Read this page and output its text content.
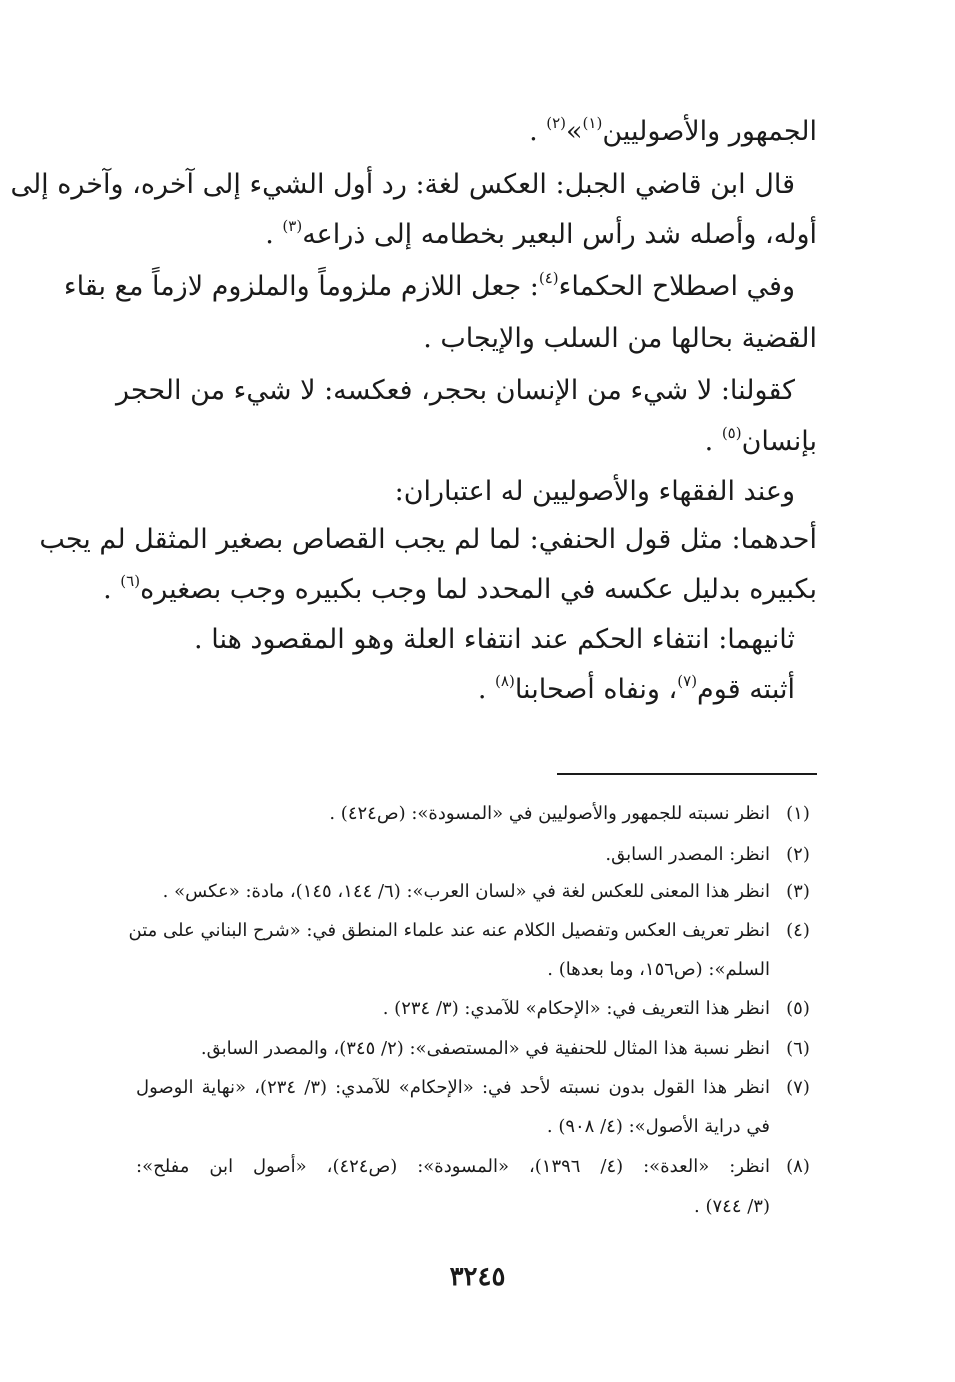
الجمهور والأصوليين$^{(١)}$»$^{(٢)}$ .
قال ابن قاضي الجبل: العكس لغة: رد أول الشيء إلى آخره، وآخره إلى
أوله، وأصله شد رأس البعير بخطامه إلى ذراعه$^{(٣)}$ .
وفي اصطلاح الحكماء$^{(٤)}$: جعل اللازم ملزوماً والملزوم لازماً مع بقاء
القضية بحالها من السلب والإيجاب .
كقولنا: لا شيء من الإنسان بحجر، فعكسه: لا شيء من الحجر
بإنسان$^{(٥)}$ .
وعند الفقهاء والأصوليين له اعتباران:
أحدهما: مثل قول الحنفي: لما لم يجب القصاص بصغير المثقل لم يجب
بكبيره بدليل عكسه في المحدد لما وجب بكبيره وجب بصغيره$^{(٦)}$ .
ثانيهما: انتفاء الحكم عند انتفاء العلة وهو المقصود هنا .
أثبته قوم$^{(٧)}$، ونفاه أصحابنا$^{(٨)}$ .
(١)
انظر نسبته للجمهور والأصوليين في «المسودة»: (ص٤٢٤) .
(٢)
انظر: المصدر السابق.
(٣)
انظر هذا المعنى للعكس لغة في «لسان العرب»: (٦/ ١٤٤، ١٤٥)، مادة: «عكس» .
(٤)
انظر تعريف العكس وتفصيل الكلام عنه عند علماء المنطق في: «شرح البناني على متن
السلم»: (ص١٥٦، وما بعدها) .
(٥)
انظر هذا التعريف في: «الإحكام» للآمدي: (٣/ ٢٣٤) .
(٦)
انظر نسبة هذا المثال للحنفية في «المستصفى»: (٢/ ٣٤٥)، والمصدر السابق.
(٧)
انظر هذا القول بدون نسبته لأحد في: «الإحكام» للآمدي: (٣/ ٢٣٤)، «نهاية الوصول
في دراية الأصول»: (٤/ ٩٠٨) .
(٨)
انظر: «العدة»: (٤/ ١٣٩٦)، «المسودة»: (ص٤٢٤)، «أصول ابن مفلح»:
(٣/ ٧٤٤) .
٣٢٤٥
